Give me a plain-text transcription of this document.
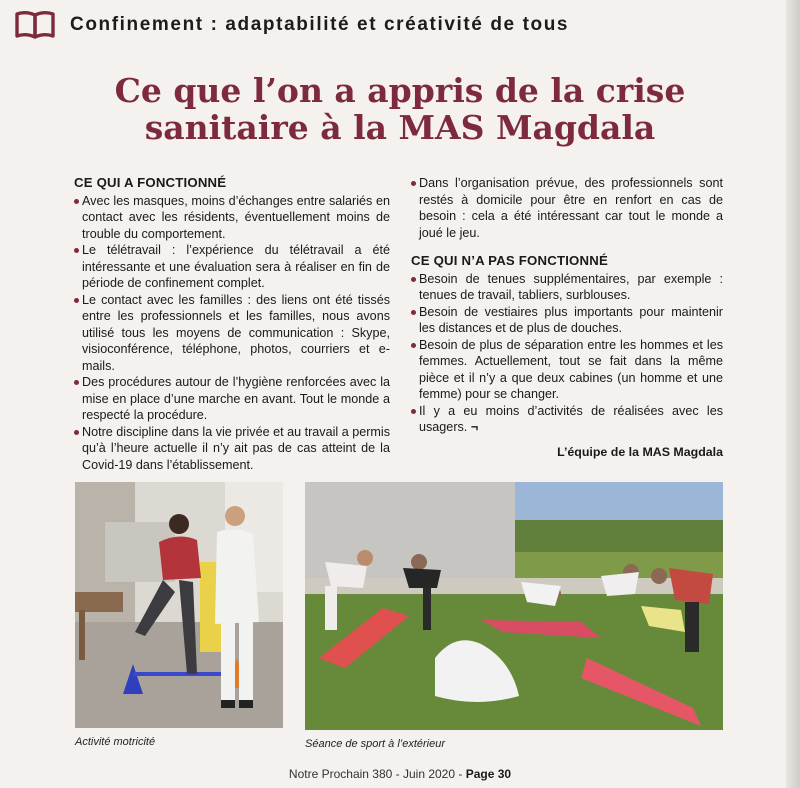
Confinement : adaptabilité et créativité de tous
Ce que l’on a appris de la crise
sanitaire à la MAS Magdala
CE QUI A FONCTIONNÉ
Avec les masques, moins d’échanges entre salariés en contact avec les résidents, éventuellement moins de trouble du comportement.
Le télétravail : l’expérience du télétravail a été intéressante et une évaluation sera à réaliser en fin de période de confinement complet.
Le contact avec les familles : des liens ont été tissés entre les professionnels et les familles, nous avons utilisé tous les moyens de communication : Skype, visioconférence, téléphone, photos, courriers et e-mails.
Des procédures autour de l’hygiène renforcées avec la mise en place d’une marche en avant. Tout le monde a respecté la procédure.
Notre discipline dans la vie privée et au travail a permis qu’à l’heure actuelle il n’y ait pas de cas atteint de la Covid-19 dans l’établissement.
Dans l’organisation prévue, des professionnels sont restés à domicile pour être en renfort en cas de besoin : cela a été intéressant car tout le monde a joué le jeu.
CE QUI N’A PAS FONCTIONNÉ
Besoin de tenues supplémentaires, par exemple : tenues de travail, tabliers, surblouses.
Besoin de vestiaires plus importants pour maintenir les distances et de plus de douches.
Besoin de plus de séparation entre les hommes et les femmes. Actuellement, tout se fait dans la même pièce et il n’y a que deux cabines (un homme et une femme) pour se changer.
Il y a eu moins d’activités de réalisées avec les usagers. ¬
L’équipe de la MAS Magdala
Activité motricité	Séance de sport à l’extérieur
Notre Prochain 380 - Juin 2020 - Page 30
